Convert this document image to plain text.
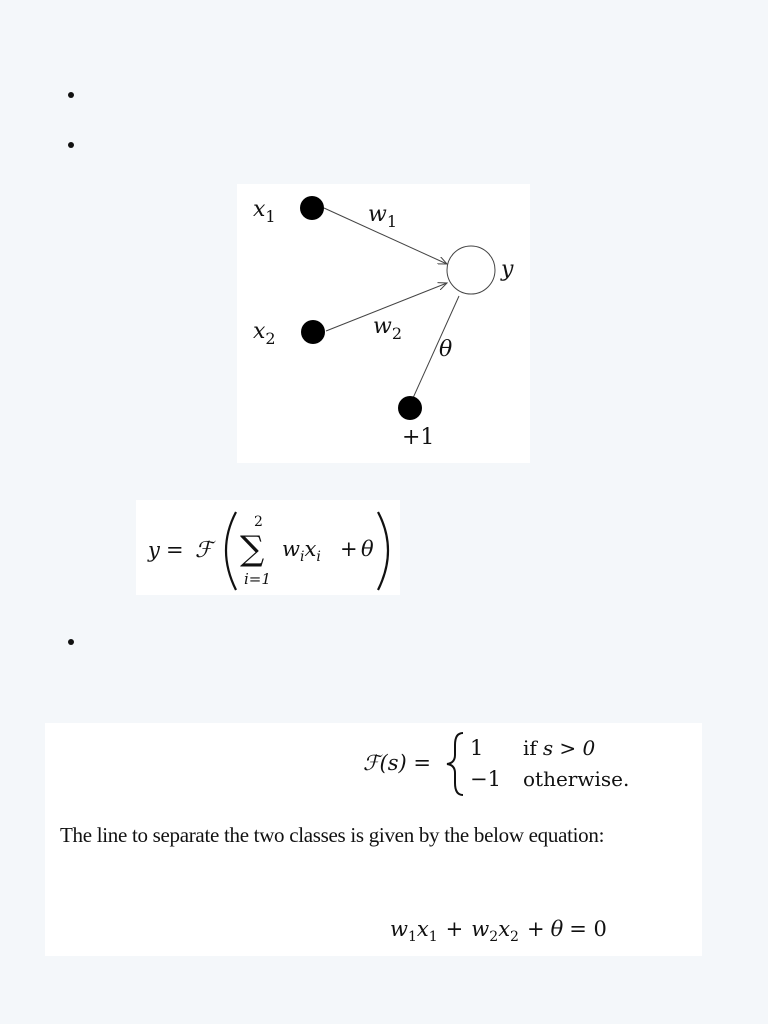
$x_1$	$w_1$
y
$x_2$	$w_2$
θ
+1
y = ℱ
2
∑
i=1
$w_ix_i + \theta$
ℱ(s) =
1 if s > 0
−1 otherwise.
$w_1x_1 + w_2x_2 + \theta = 0$

The line to separate the two classes is given by the below equation:
